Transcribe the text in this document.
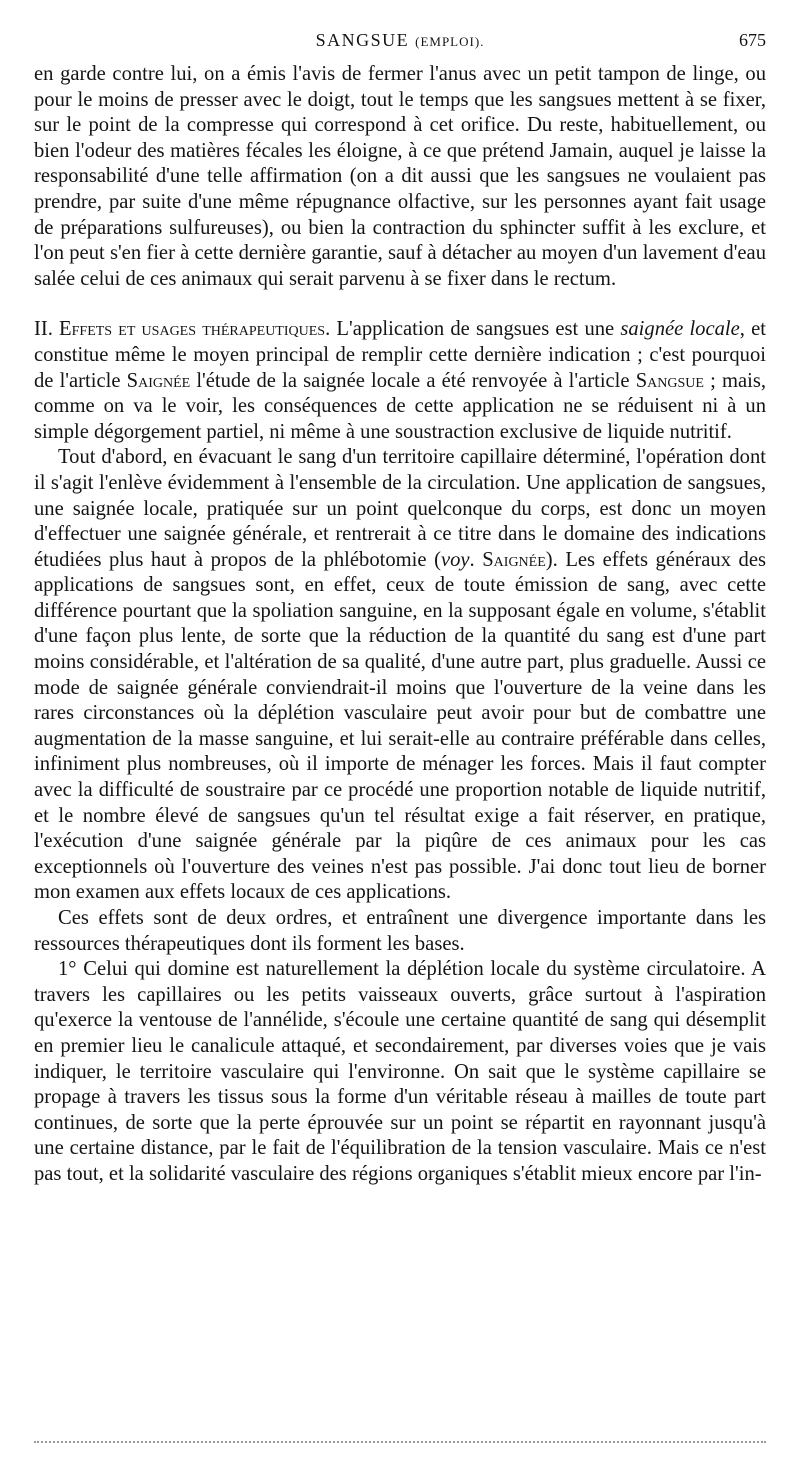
SANGSUE (EMPLOI).	675

en garde contre lui, on a émis l'avis de fermer l'anus avec un petit tampon de linge, ou pour le moins de presser avec le doigt, tout le temps que les sangsues mettent à se fixer, sur le point de la compresse qui correspond à cet orifice. Du reste, habituellement, ou bien l'odeur des matières fécales les éloigne, à ce que prétend Jamain, auquel je laisse la responsabilité d'une telle affirmation (on a dit aussi que les sangsues ne voulaient pas prendre, par suite d'une même répugnance olfactive, sur les personnes ayant fait usage de préparations sulfureuses), ou bien la contraction du sphincter suffit à les exclure, et l'on peut s'en fier à cette dernière garantie, sauf à détacher au moyen d'un lavement d'eau salée celui de ces animaux qui serait parvenu à se fixer dans le rectum.

II. Effets et usages thérapeutiques. L'application de sangsues est une saignée locale, et constitue même le moyen principal de remplir cette dernière indication ; c'est pourquoi de l'article Saignée l'étude de la saignée locale a été renvoyée à l'article Sangsue ; mais, comme on va le voir, les conséquences de cette application ne se réduisent ni à un simple dégorgement partiel, ni même à une soustraction exclusive de liquide nutritif.

Tout d'abord, en évacuant le sang d'un territoire capillaire déterminé, l'opération dont il s'agit l'enlève évidemment à l'ensemble de la circulation. Une application de sangsues, une saignée locale, pratiquée sur un point quelconque du corps, est donc un moyen d'effectuer une saignée générale, et rentrerait à ce titre dans le domaine des indications étudiées plus haut à propos de la phlébotomie (voy. Saignée). Les effets généraux des applications de sangsues sont, en effet, ceux de toute émission de sang, avec cette différence pourtant que la spoliation sanguine, en la supposant égale en volume, s'établit d'une façon plus lente, de sorte que la réduction de la quantité du sang est d'une part moins considérable, et l'altération de sa qualité, d'une autre part, plus graduelle. Aussi ce mode de saignée générale conviendrait-il moins que l'ouverture de la veine dans les rares circonstances où la déplétion vasculaire peut avoir pour but de combattre une augmentation de la masse sanguine, et lui serait-elle au contraire préférable dans celles, infiniment plus nombreuses, où il importe de ménager les forces. Mais il faut compter avec la difficulté de soustraire par ce procédé une proportion notable de liquide nutritif, et le nombre élevé de sangsues qu'un tel résultat exige a fait réserver, en pratique, l'exécution d'une saignée générale par la piqûre de ces animaux pour les cas exceptionnels où l'ouverture des veines n'est pas possible. J'ai donc tout lieu de borner mon examen aux effets locaux de ces applications.

Ces effets sont de deux ordres, et entraînent une divergence importante dans les ressources thérapeutiques dont ils forment les bases.

1° Celui qui domine est naturellement la déplétion locale du système circulatoire. A travers les capillaires ou les petits vaisseaux ouverts, grâce surtout à l'aspiration qu'exerce la ventouse de l'annélide, s'écoule une certaine quantité de sang qui désemplit en premier lieu le canalicule attaqué, et secondairement, par diverses voies que je vais indiquer, le territoire vasculaire qui l'environne. On sait que le système capillaire se propage à travers les tissus sous la forme d'un véritable réseau à mailles de toute part continues, de sorte que la perte éprouvée sur un point se répartit en rayonnant jusqu'à une certaine distance, par le fait de l'équilibration de la tension vasculaire. Mais ce n'est pas tout, et la solidarité vasculaire des régions organiques s'établit mieux encore par l'in-
